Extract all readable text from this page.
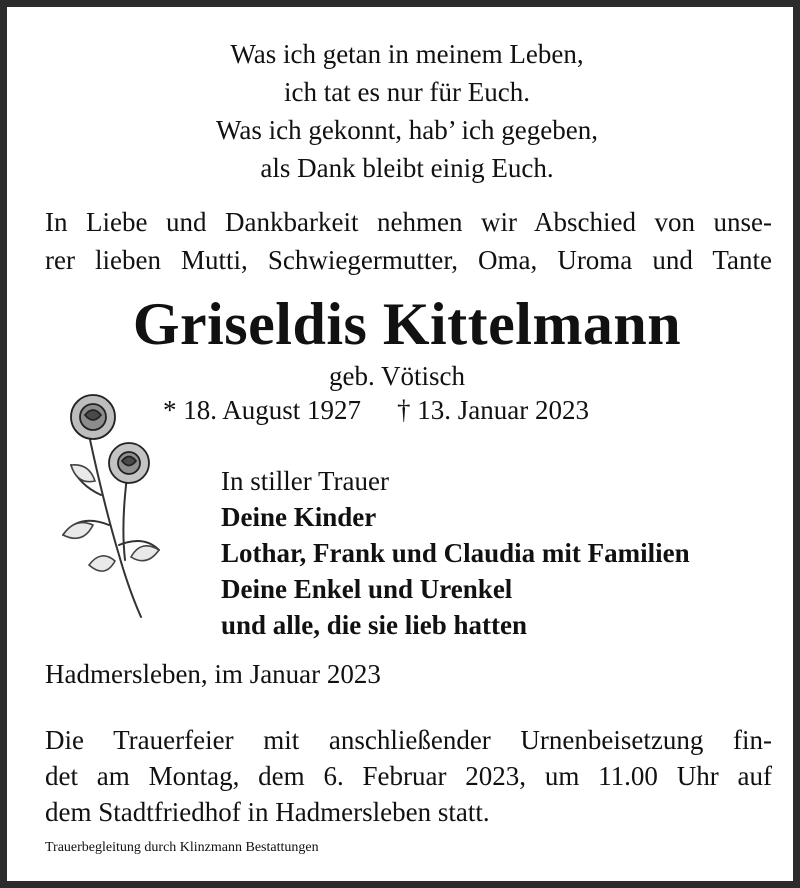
Was ich getan in meinem Leben,
ich tat es nur für Euch.
Was ich gekonnt, hab’ ich gegeben,
als Dank bleibt einig Euch.
In Liebe und Dankbarkeit nehmen wir Abschied von unse-
rer lieben Mutti, Schwiegermutter, Oma, Uroma und Tante
Griseldis Kittelmann
geb. Vötisch
* 18. August 1927 † 13. Januar 2023
In stiller Trauer
Deine Kinder
Lothar, Frank und Claudia mit Familien
Deine Enkel und Urenkel
und alle, die sie lieb hatten
Hadmersleben, im Januar 2023
Die Trauerfeier mit anschließender Urnenbeisetzung fin-
det am Montag, dem 6. Februar 2023, um 11.00 Uhr auf
dem Stadtfriedhof in Hadmersleben statt.
Trauerbegleitung durch Klinzmann Bestattungen
